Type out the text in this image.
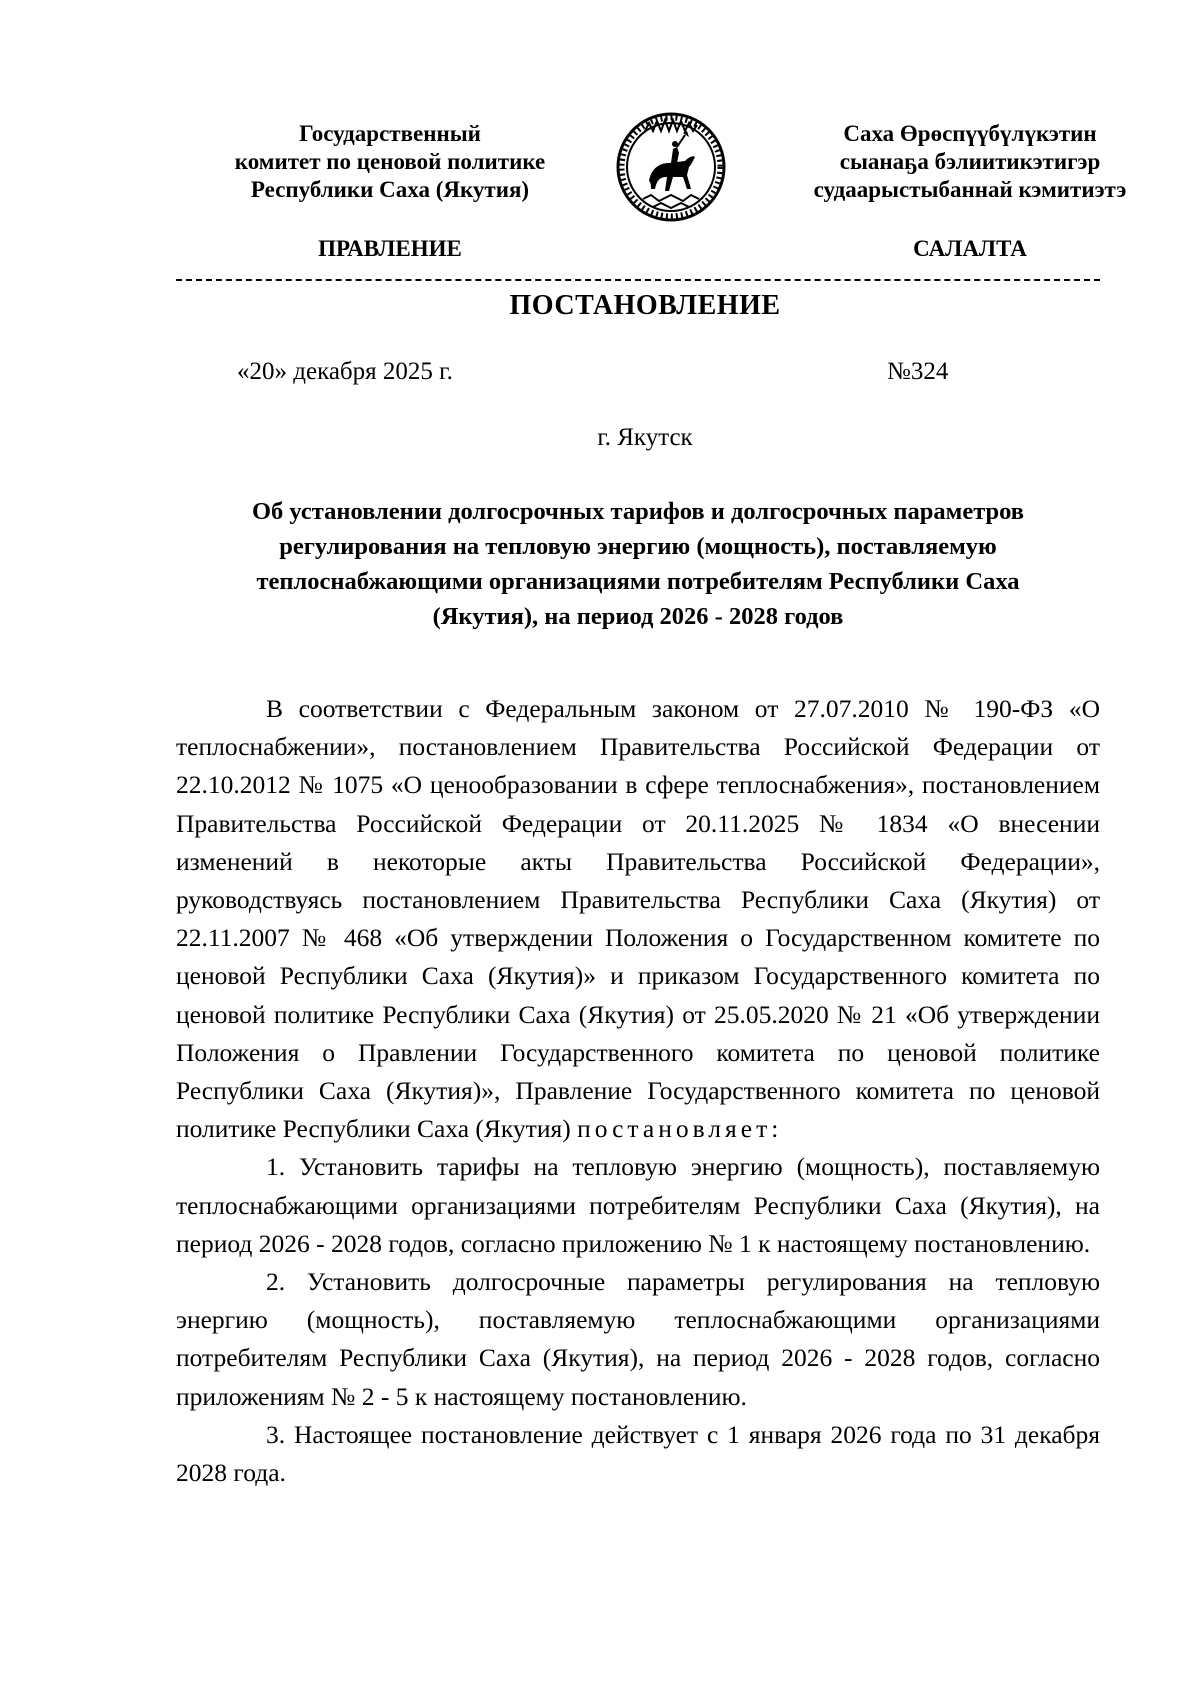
Государственный
комитет по ценовой политике
Республики Саха (Якутия)
Саха Өрөспүүбүлүкэтин
сыанаҕа бэлиитикэтигэр
судаарыстыбаннай кэмитиэтэ
ПРАВЛЕНИЕ	САЛАЛТА
ПОСТАНОВЛЕНИЕ
«20» декабря 2025 г.	№324
г. Якутск
Об установлении долгосрочных тарифов и долгосрочных параметров
регулирования на тепловую энергию (мощность), поставляемую
теплоснабжающими организациями потребителям Республики Саха
(Якутия), на период 2026 - 2028 годов

В соответствии с Федеральным законом от 27.07.2010 № 190-ФЗ «О теплоснабжении», постановлением Правительства Российской Федерации от 22.10.2012 № 1075 «О ценообразовании в сфере теплоснабжения», постановлением Правительства Российской Федерации от 20.11.2025 № 1834 «О внесении изменений в некоторые акты Правительства Российской Федерации», руководствуясь постановлением Правительства Республики Саха (Якутия) от 22.11.2007 № 468 «Об утверждении Положения о Государственном комитете по ценовой Республики Саха (Якутия)» и приказом Государственного комитета по ценовой политике Республики Саха (Якутия) от 25.05.2020 № 21 «Об утверждении Положения о Правлении Государственного комитета по ценовой политике Республики Саха (Якутия)», Правление Государственного комитета по ценовой политике Республики Саха (Якутия) постановляет:

1. Установить тарифы на тепловую энергию (мощность), поставляемую теплоснабжающими организациями потребителям Республики Саха (Якутия), на период 2026 - 2028 годов, согласно приложению № 1 к настоящему постановлению.

2. Установить долгосрочные параметры регулирования на тепловую энергию (мощность), поставляемую теплоснабжающими организациями потребителям Республики Саха (Якутия), на период 2026 - 2028 годов, согласно приложениям № 2 - 5 к настоящему постановлению.

3. Настоящее постановление действует с 1 января 2026 года по 31 декабря 2028 года.
